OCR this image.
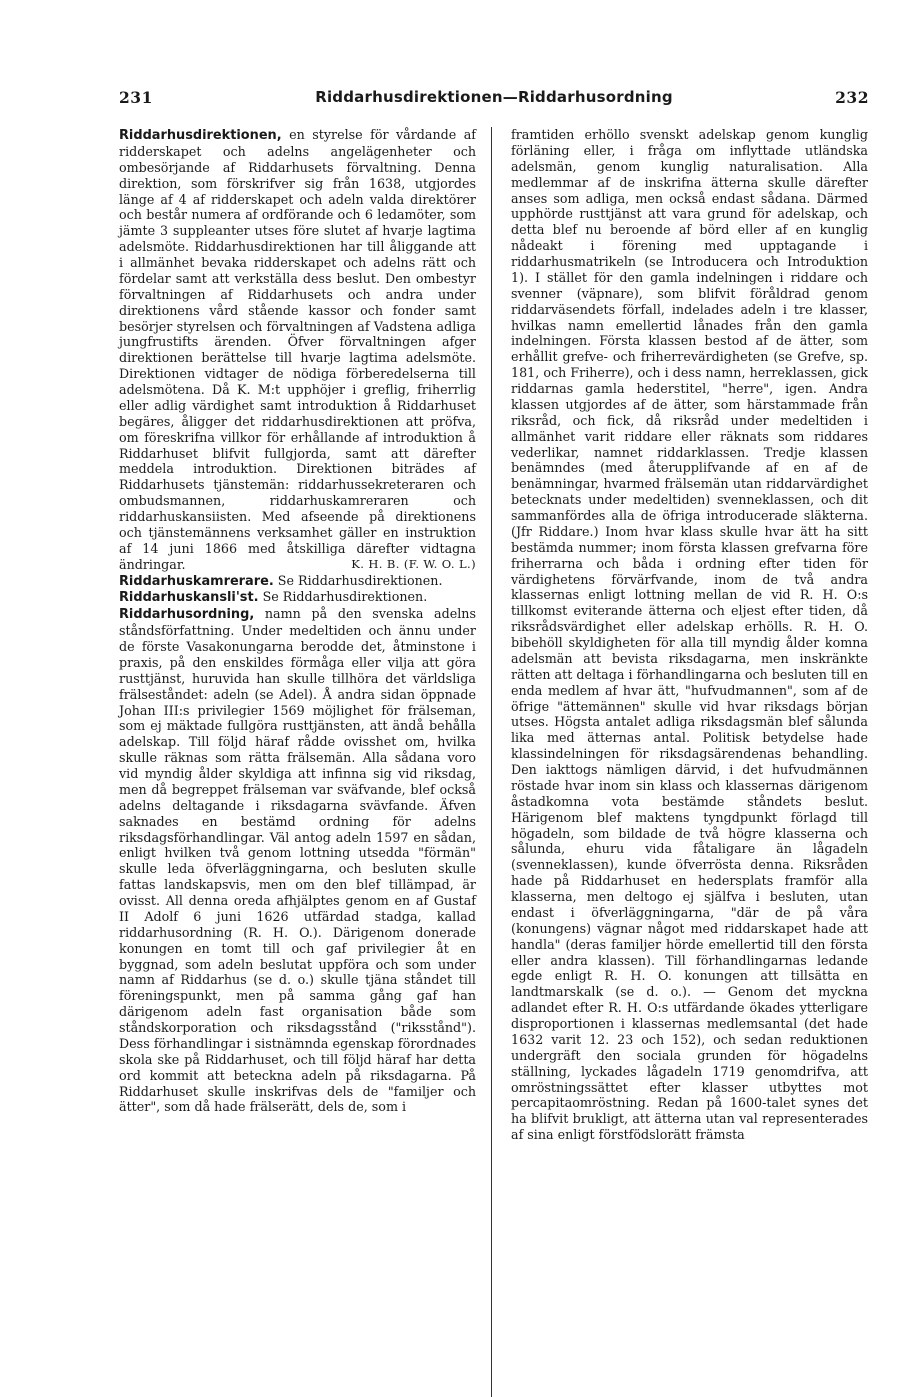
231	Riddarhusdirektionen—Riddarhusordning	232

Riddarhusdirektionen, en styrelse för vårdande af ridderskapet och adelns angelägenheter och ombesörjande af Riddarhusets förvaltning. Denna direktion, som förskrifver sig från 1638, utgjordes länge af 4 af ridderskapet och adeln valda direktörer och består numera af ordförande och 6 ledamöter, som jämte 3 suppleanter utses före slutet af hvarje lagtima adelsmöte. Riddarhusdirektionen har till åliggande att i allmänhet bevaka ridderskapet och adelns rätt och fördelar samt att verkställa dess beslut. Den ombestyr förvaltningen af Riddarhusets och andra under direktionens vård stående kassor och fonder samt besörjer styrelsen och förvaltningen af Vadstena adliga jungfrustifts ärenden. Öfver förvaltningen afger direktionen berättelse till hvarje lagtima adelsmöte. Direktionen vidtager de nödiga förberedelserna till adelsmötena. Då K. M:t upphöjer i greflig, friherrlig eller adlig värdighet samt introduktion å Riddarhuset begäres, åligger det riddarhusdirektionen att pröfva, om föreskrifna villkor för erhållande af introduktion å Riddarhuset blifvit fullgjorda, samt att därefter meddela introduktion. Direktionen biträdes af Riddarhusets tjänstemän: riddarhussekreteraren och ombudsmannen, riddarhuskamreraren och riddarhuskansiisten. Med afseende på direktionens och tjänstemännens verksamhet gäller en instruktion af 14 juni 1866 med åtskilliga därefter vidtagna ändringar.	K. H. B. (F. W. O. L.)

Riddarhuskamrerare. Se Riddarhusdirektionen.

Riddarhuskansli'st. Se Riddarhusdirektionen.

Riddarhusordning, namn på den svenska adelns ståndsförfattning. Under medeltiden och ännu under de förste Vasakonungarna berodde det, åtminstone i praxis, på den enskildes förmåga eller vilja att göra rusttjänst, huruvida han skulle tillhöra det världsliga frälseståndet: adeln (se Adel). Å andra sidan öppnade Johan III:s privilegier 1569 möjlighet för frälseman, som ej mäktade fullgöra rusttjänsten, att ändå behålla adelskap. Till följd häraf rådde ovisshet om, hvilka skulle räknas som rätta frälsemän. Alla sådana voro vid myndig ålder skyldiga att infinna sig vid riksdag, men då begreppet frälseman var sväfvande, blef också adelns deltagande i riksdagarna svävfande. Äfven saknades en bestämd ordning för adelns riksdagsförhandlingar. Väl antog adeln 1597 en sådan, enligt hvilken två genom lottning utsedda "förmän" skulle leda öfverläggningarna, och besluten skulle fattas landskapsvis, men om den blef tillämpad, är ovisst. All denna oreda afhjälptes genom en af Gustaf II Adolf 6 juni 1626 utfärdad stadga, kallad riddarhusordning (R. H. O.). Därigenom donerade konungen en tomt till och gaf privilegier åt en byggnad, som adeln beslutat uppföra och som under namn af Riddarhus (se d. o.) skulle tjäna ståndet till föreningspunkt, men på samma gång gaf han därigenom adeln fast organisation både som ståndskorporation och riksdagsstånd ("riksstånd"). Dess förhandlingar i sistnämnda egenskap förordnades skola ske på Riddarhuset, och till följd häraf har detta ord kommit att beteckna adeln på riksdagarna. På Riddarhuset skulle inskrifvas dels de "familjer och ätter", som då hade frälserätt, dels de, som i

framtiden erhöllo svenskt adelskap genom kunglig förläning eller, i fråga om inflyttade utländska adelsmän, genom kunglig naturalisation. Alla medlemmar af de inskrifna ätterna skulle därefter anses som adliga, men också endast sådana. Därmed upphörde rusttjänst att vara grund för adelskap, och detta blef nu beroende af börd eller af en kunglig nådeakt i förening med upptagande i riddarhusmatrikeln (se Introducera och Introduktion 1). I stället för den gamla indelningen i riddare och svenner (väpnare), som blifvit föråldrad genom riddarväsendets förfall, indelades adeln i tre klasser, hvilkas namn emellertid lånades från den gamla indelningen. Första klassen bestod af de ätter, som erhållit grefve- och friherrevärdigheten (se Grefve, sp. 181, och Friherre), och i dess namn, herreklassen, gick riddarnas gamla hederstitel, "herre", igen. Andra klassen utgjordes af de ätter, som härstammade från riksråd, och fick, då riksråd under medeltiden i allmänhet varit riddare eller räknats som riddares vederlikar, namnet riddarklassen. Tredje klassen benämndes (med återupplifvande af en af de benämningar, hvarmed frälsemän utan riddarvärdighet betecknats under medeltiden) svenneklassen, och dit sammanfördes alla de öfriga introducerade släkterna. (Jfr Riddare.) Inom hvar klass skulle hvar ätt ha sitt bestämda nummer; inom första klassen grefvarna före friherrarna och båda i ordning efter tiden för värdighetens förvärfvande, inom de två andra klassernas enligt lottning mellan de vid R. H. O:s tillkomst eviterande ätterna och eljest efter tiden, då riksrådsvärdighet eller adelskap erhölls. R. H. O. bibehöll skyldigheten för alla till myndig ålder komna adelsmän att bevista riksdagarna, men inskränkte rätten att deltaga i förhandlingarna och besluten till en enda medlem af hvar ätt, "hufvudmannen", som af de öfrige "ättemännen" skulle vid hvar riksdags början utses. Högsta antalet adliga riksdagsmän blef sålunda lika med ätternas antal. Politisk betydelse hade klassindelningen för riksdagsärendenas behandling. Den iakttogs nämligen därvid, i det hufvudmännen röstade hvar inom sin klass och klassernas därigenom åstadkomna vota bestämde ståndets beslut. Härigenom blef maktens tyngdpunkt förlagd till högadeln, som bildade de två högre klasserna och sålunda, ehuru vida fåtaligare än lågadeln (svenneklassen), kunde öfverrösta denna. Riksråden hade på Riddarhuset en hedersplats framför alla klasserna, men deltogo ej själfva i besluten, utan endast i öfverläggningarna, "där de på våra (konungens) vägnar något med riddarskapet hade att handla" (deras familjer hörde emellertid till den första eller andra klassen). Till förhandlingarnas ledande egde enligt R. H. O. konungen att tillsätta en landtmarskalk (se d. o.). — Genom det myckna adlandet efter R. H. O:s utfärdande ökades ytterligare disproportionen i klassernas medlemsantal (det hade 1632 varit 12. 23 och 152), och sedan reduktionen undergräft den sociala grunden för högadelns ställning, lyckades lågadeln 1719 genomdrifva, att omröstningssättet efter klasser utbyttes mot percapitaomröstning. Redan på 1600-talet synes det ha blifvit brukligt, att ätterna utan val representerades af sina enligt förstfödslorätt främsta
